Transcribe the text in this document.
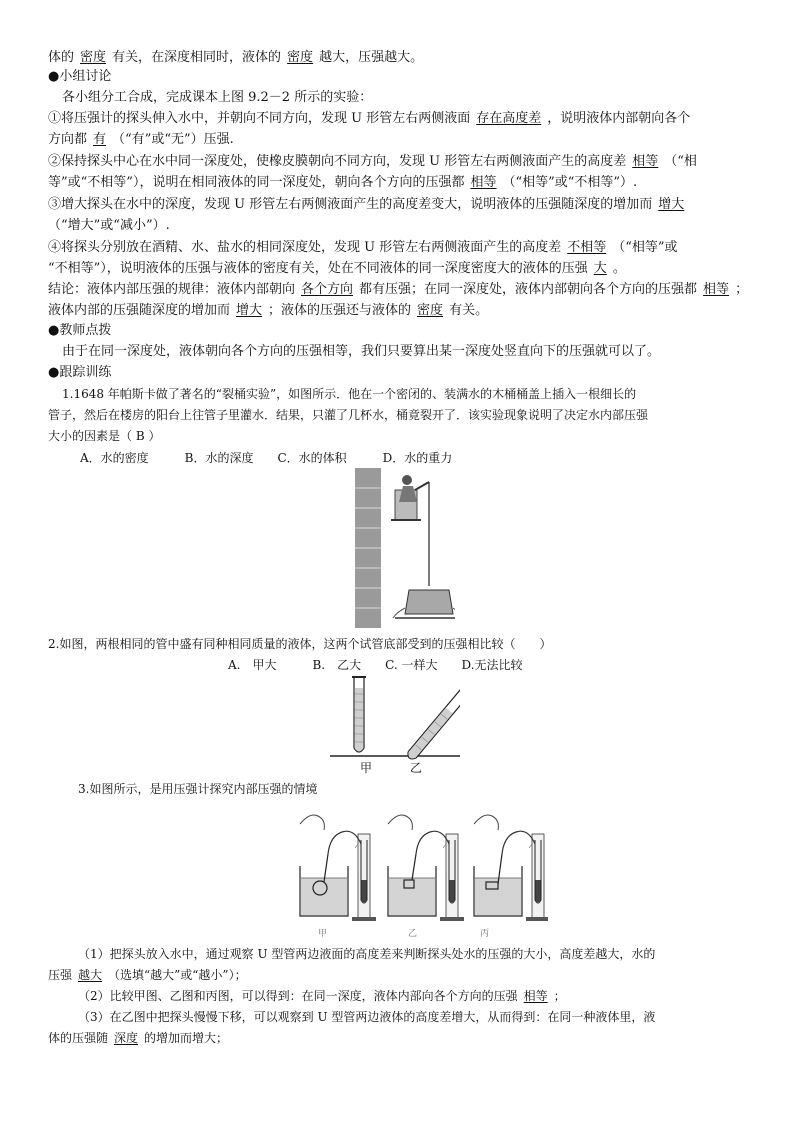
体的 密度 有关，在深度相同时，液体的 密度 越大，压强越大。
●小组讨论
各小组分工合成，完成课本上图 9.2－2 所示的实验：
①将压强计的探头伸入水中，并朝向不同方向，发现 U 形管左右两侧液面 存在高度差 ，说明液体内部朝向各个
方向都 有 （“有”或“无”）压强.
②保持探头中心在水中同一深度处，使橡皮膜朝向不同方向，发现 U 形管左右两侧液面产生的高度差 相等 （“相
等”或“不相等”），说明在相同液体的同一深度处，朝向各个方向的压强都 相等 （“相等”或“不相等”）.
③增大探头在水中的深度，发现 U 形管左右两侧液面产生的高度差变大，说明液体的压强随深度的增加而 增大
（“增大”或“减小”）.
④将探头分别放在酒精、水、盐水的相同深度处，发现 U 形管左右两侧液面产生的高度差 不相等 （“相等”或
“不相等”），说明液体的压强与液体的密度有关，处在不同液体的同一深度密度大的液体的压强 大 。
结论：液体内部压强的规律：液体内部朝向 各个方向 都有压强；在同一深度处，液体内部朝向各个方向的压强都 相等 ；
液体内部的压强随深度的增加而 增大 ；液体的压强还与液体的 密度 有关。
●教师点拨
由于在同一深度处，液体朝向各个方向的压强相等，我们只要算出某一深度处竖直向下的压强就可以了。
●跟踪训练
1.1648 年帕斯卡做了著名的“裂桶实验”，如图所示．他在一个密闭的、装满水的木桶桶盖上插入一根细长的
管子，然后在楼房的阳台上往管子里灌水．结果，只灌了几杯水，桶竟裂开了．该实验现象说明了决定水内部压强
大小的因素是（ B ）
A．水的密度　　　B．水的深度　　C．水的体积　　　D．水的重力
2.如图，两根相同的管中盛有同种相同质量的液体，这两个试管底部受到的压强相比较（　　）
A.　甲大　　　B.　乙大　　C. 一样大　　D.无法比较
甲	乙
3.如图所示，是用压强计探究内部压强的情境
甲	乙	丙
（1）把探头放入水中，通过观察 U 型管两边液面的高度差来判断探头处水的压强的大小，高度差越大，水的
压强 越大 （选填“越大”或“越小”）；
（2）比较甲图、乙图和丙图，可以得到：在同一深度，液体内部向各个方向的压强 相等 ；
（3）在乙图中把探头慢慢下移，可以观察到 U 型管两边液体的高度差增大，从而得到：在同一种液体里，液
体的压强随 深度 的增加而增大；
